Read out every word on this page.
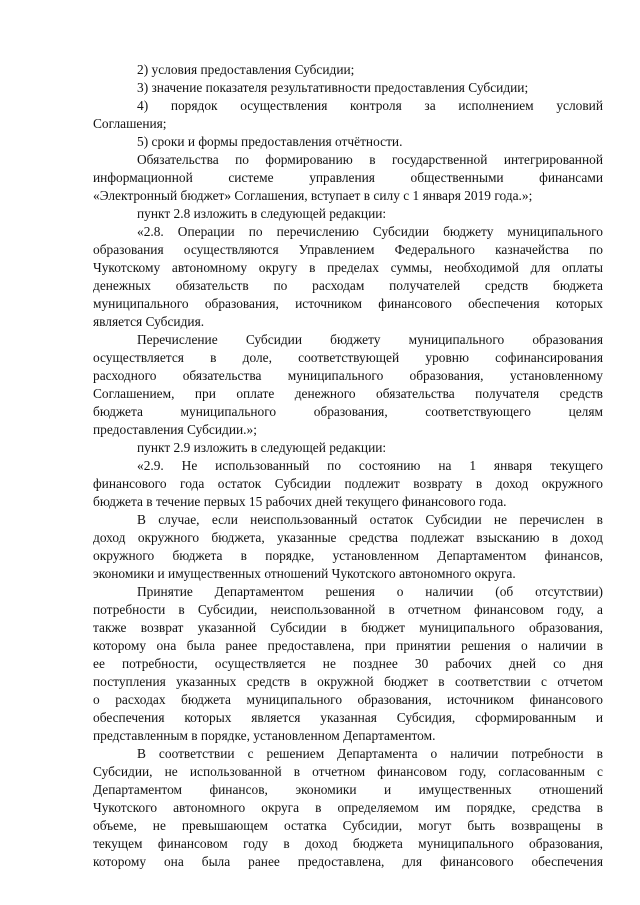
2) условия предоставления Субсидии;
3) значение показателя результативности предоставления Субсидии;
4) порядок осуществления контроля за исполнением условий
Соглашения;
5) сроки и формы предоставления отчётности.
Обязательства по формированию в государственной интегрированной
информационной системе управления общественными финансами
«Электронный бюджет» Соглашения, вступает в силу с 1 января 2019 года.»;
пункт 2.8 изложить в следующей редакции:
«2.8. Операции по перечислению Субсидии бюджету муниципального
образования осуществляются Управлением Федерального казначейства по
Чукотскому автономному округу в пределах суммы, необходимой для оплаты
денежных обязательств по расходам получателей средств бюджета
муниципального образования, источником финансового обеспечения которых
является Субсидия.
Перечисление Субсидии бюджету муниципального образования
осуществляется в доле, соответствующей уровню софинансирования
расходного обязательства муниципального образования, установленному
Соглашением, при оплате денежного обязательства получателя средств
бюджета муниципального образования, соответствующего целям
предоставления Субсидии.»;
пункт 2.9 изложить в следующей редакции:
«2.9. Не использованный по состоянию на 1 января текущего
финансового года остаток Субсидии подлежит возврату в доход окружного
бюджета в течение первых 15 рабочих дней текущего финансового года.
В случае, если неиспользованный остаток Субсидии не перечислен в
доход окружного бюджета, указанные средства подлежат взысканию в доход
окружного бюджета в порядке, установленном Департаментом финансов,
экономики и имущественных отношений Чукотского автономного округа.
Принятие Департаментом решения о наличии (об отсутствии)
потребности в Субсидии, неиспользованной в отчетном финансовом году, а
также возврат указанной Субсидии в бюджет муниципального образования,
которому она была ранее предоставлена, при принятии решения о наличии в
ее потребности, осуществляется не позднее 30 рабочих дней со дня
поступления указанных средств в окружной бюджет в соответствии с отчетом
о расходах бюджета муниципального образования, источником финансового
обеспечения которых является указанная Субсидия, сформированным и
представленным в порядке, установленном Департаментом.
В соответствии с решением Департамента о наличии потребности в
Субсидии, не использованной в отчетном финансовом году, согласованным с
Департаментом финансов, экономики и имущественных отношений
Чукотского автономного округа в определяемом им порядке, средства в
объеме, не превышающем остатка Субсидии, могут быть возвращены в
текущем финансовом году в доход бюджета муниципального образования,
которому она была ранее предоставлена, для финансового обеспечения
